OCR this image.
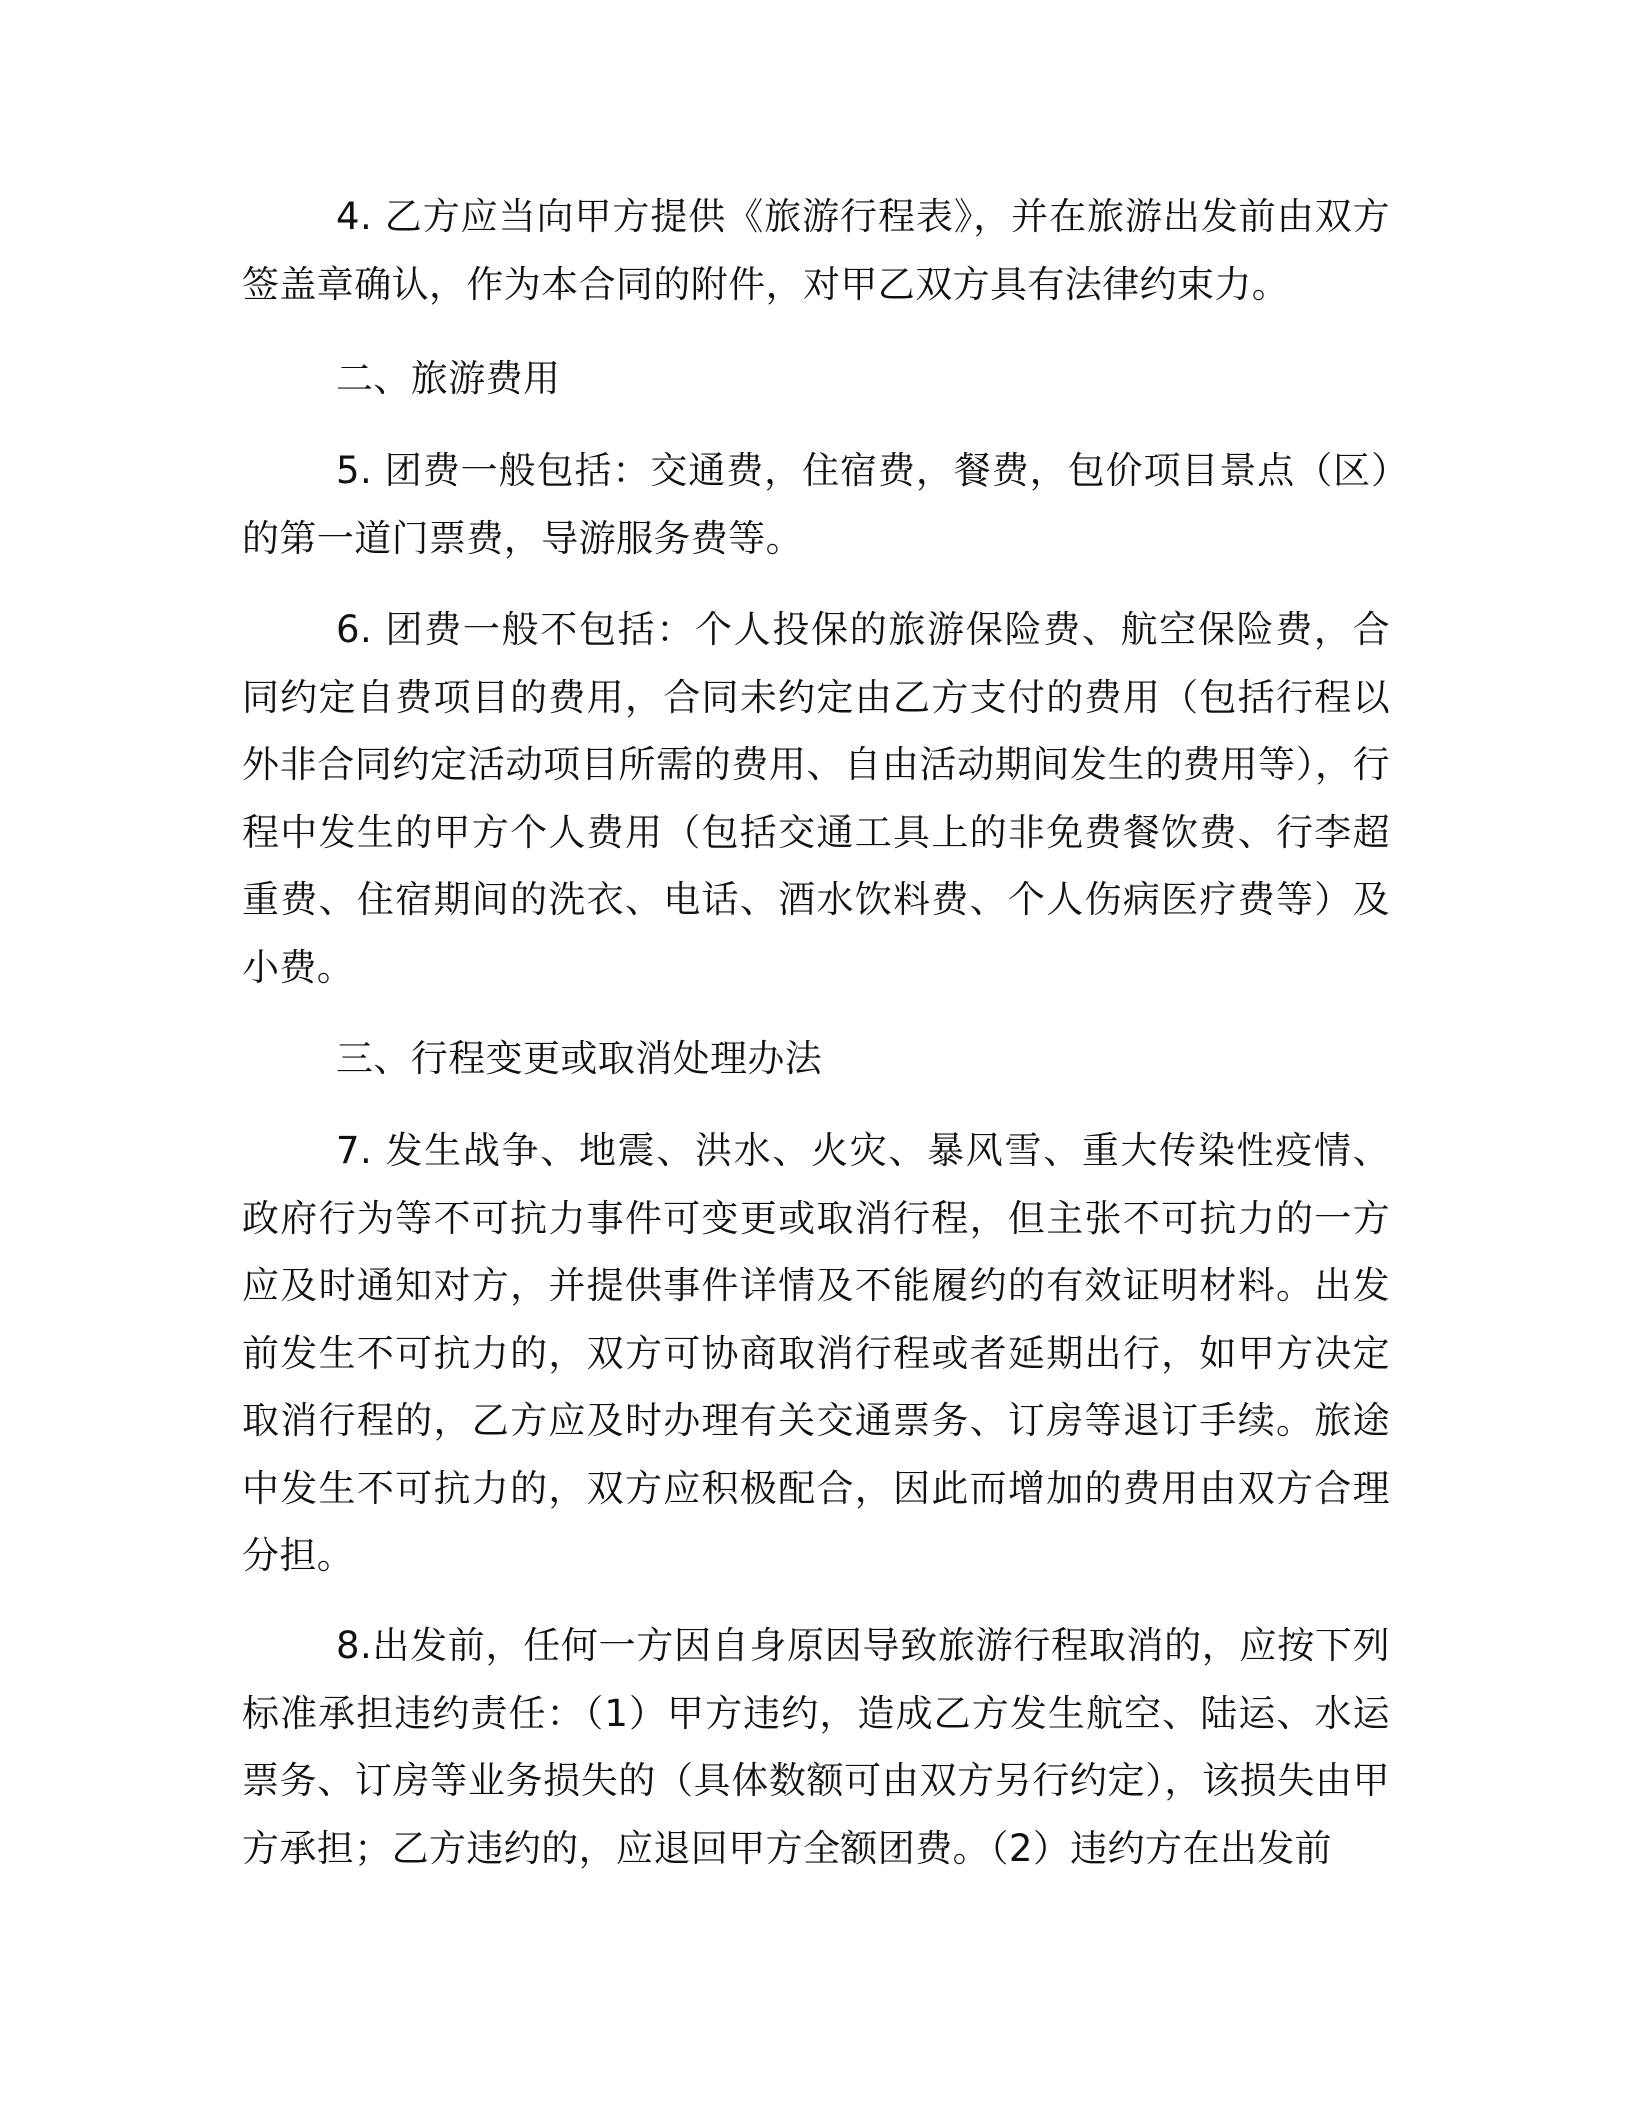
4. 乙方应当向甲方提供《旅游行程表》，并在旅游出发前由双方签盖章确认，作为本合同的附件，对甲乙双方具有法律约束力。

二、旅游费用

5. 团费一般包括：交通费，住宿费，餐费，包价项目景点（区）的第一道门票费，导游服务费等。

6. 团费一般不包括：个人投保的旅游保险费、航空保险费，合同约定自费项目的费用，合同未约定由乙方支付的费用（包括行程以外非合同约定活动项目所需的费用、自由活动期间发生的费用等），行程中发生的甲方个人费用（包括交通工具上的非免费餐饮费、行李超重费、住宿期间的洗衣、电话、酒水饮料费、个人伤病医疗费等）及小费。

三、行程变更或取消处理办法

7. 发生战争、地震、洪水、火灾、暴风雪、重大传染性疫情、政府行为等不可抗力事件可变更或取消行程，但主张不可抗力的一方应及时通知对方，并提供事件详情及不能履约的有效证明材料。出发前发生不可抗力的，双方可协商取消行程或者延期出行，如甲方决定取消行程的，乙方应及时办理有关交通票务、订房等退订手续。旅途中发生不可抗力的，双方应积极配合，因此而增加的费用由双方合理分担。

8.出发前，任何一方因自身原因导致旅游行程取消的，应按下列标准承担违约责任：（1）甲方违约，造成乙方发生航空、陆运、水运票务、订房等业务损失的（具体数额可由双方另行约定），该损失由甲方承担；乙方违约的，应退回甲方全额团费。（2）违约方在出发前
